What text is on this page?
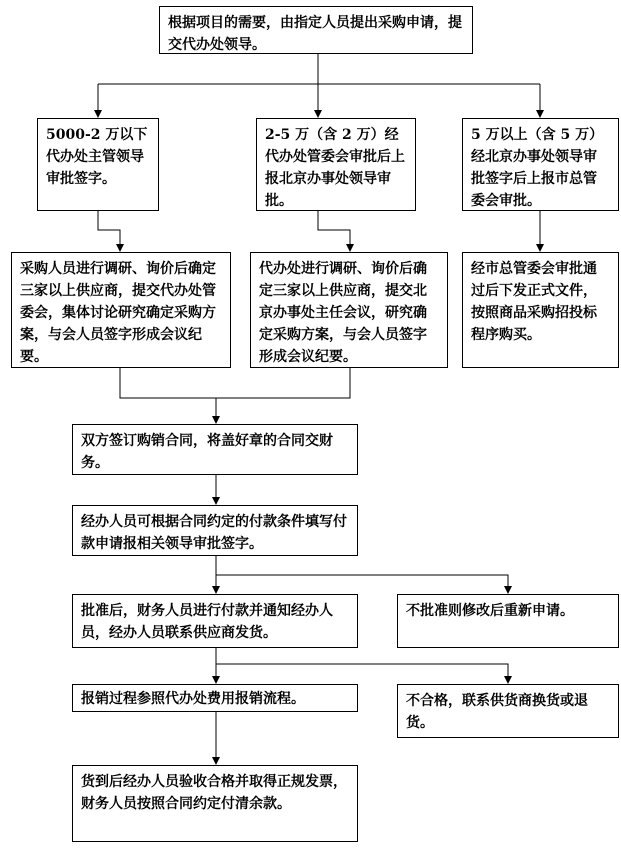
根据项目的需要，由指定人员提出采购申请，提交代办处领导。
5000-2 万以下代办处主管领导审批签字。
2-5 万（含 2 万）经代办处管委会审批后上报北京办事处领导审批。
5 万以上（含 5 万）经北京办事处领导审批签字后上报市总管委会审批。
采购人员进行调研、询价后确定三家以上供应商，提交代办处管委会，集体讨论研究确定采购方案，与会人员签字形成会议纪要。
代办处进行调研、询价后确定三家以上供应商，提交北京办事处主任会议，研究确定采购方案，与会人员签字形成会议纪要。
经市总管委会审批通过后下发正式文件，按照商品采购招投标程序购买。
双方签订购销合同，将盖好章的合同交财务。
经办人员可根据合同约定的付款条件填写付款申请报相关领导审批签字。
批准后，财务人员进行付款并通知经办人员，经办人员联系供应商发货。
不批准则修改后重新申请。
报销过程参照代办处费用报销流程。	不合格，联系供货商换货或退货。
货到后经办人员验收合格并取得正规发票，财务人员按照合同约定付清余款。
